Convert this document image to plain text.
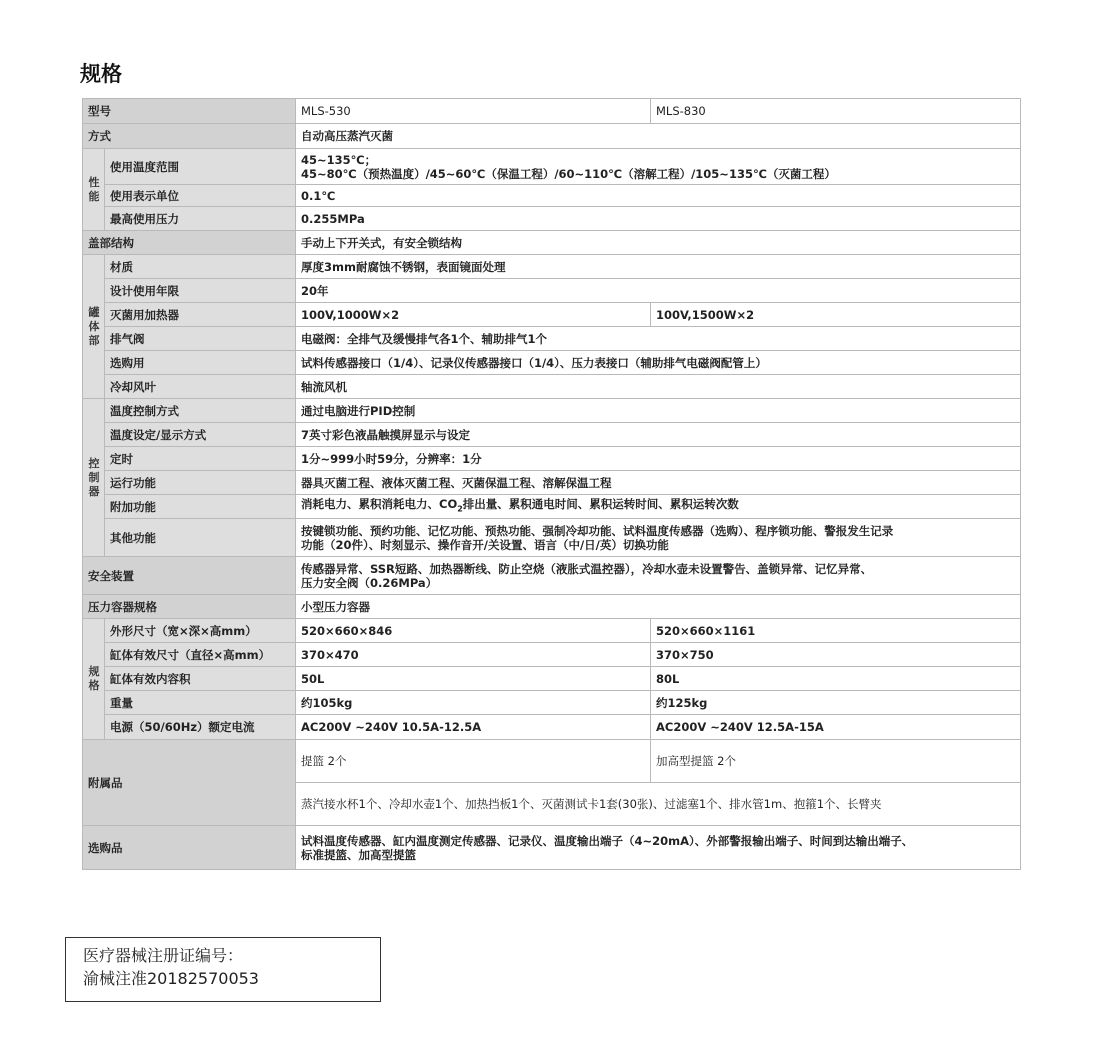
规格
型号		MLS-530	MLS-830
方式		自动高压蒸汽灭菌	
性能	使用温度范围	45~135℃；
45~80℃（预热温度）/45~60℃（保温工程）/60~110℃（溶解工程）/105~135℃（灭菌工程）	

	使用表示单位	0.1℃	
	最高使用压力	0.255MPa	
盖部结构		手动上下开关式，有安全锁结构	
罐体部	材质	厚度3mm耐腐蚀不锈钢，表面镜面处理	
	设计使用年限	20年	
	灭菌用加热器	100V,1000W×2	100V,1500W×2
	排气阀	电磁阀：全排气及缓慢排气各1个、辅助排气1个	
	选购用	试料传感器接口（1/4）、记录仪传感器接口（1/4）、压力表接口（辅助排气电磁阀配管上）	
	冷却风叶	轴流风机	
控制器	温度控制方式	通过电脑进行PID控制	
	温度设定/显示方式	7英寸彩色液晶触摸屏显示与设定	
	定时	1分~999小时59分，分辨率：1分	
	运行功能	器具灭菌工程、液体灭菌工程、灭菌保温工程、溶解保温工程	
	附加功能	消耗电力、累积消耗电力、$CO_2$排出量、累积通电时间、累积运转时间、累积运转次数	
	其他功能	按键锁功能、预约功能、记忆功能、预热功能、强制冷却功能、试料温度传感器（选购）、程序锁功能、警报发生记录
功能（20件）、时刻显示、操作音开/关设置、语言（中/日/英）切换功能	

安全装置		传感器异常、SSR短路、加热器断线、防止空烧（液胀式温控器），冷却水壶未设置警告、盖锁异常、记忆异常、
压力安全阀（0.26MPa）	

压力容器规格		小型压力容器	
规格	外形尺寸（宽×深×高mm）	520×660×846	520×660×1161
	缸体有效尺寸（直径×高mm）	370×470	370×750
	缸体有效内容积	50L	80L
	重量	约105kg	约125kg
	电源（50/60Hz）额定电流	AC200V ~240V 10.5A-12.5A	AC200V ~240V 12.5A-15A
附属品		提篮 2个	加高型提篮 2个
		蒸汽接水杯1个、冷却水壶1个、加热挡板1个、灭菌测试卡1套(30张)、过滤塞1个、排水管1m、抱箍1个、长臂夹	
选购品		试料温度传感器、缸内温度测定传感器、记录仪、温度输出端子（4~20mA）、外部警报输出端子、时间到达输出端子、
标准提篮、加高型提篮	
医疗器械注册证编号：
渝械注准20182570053
